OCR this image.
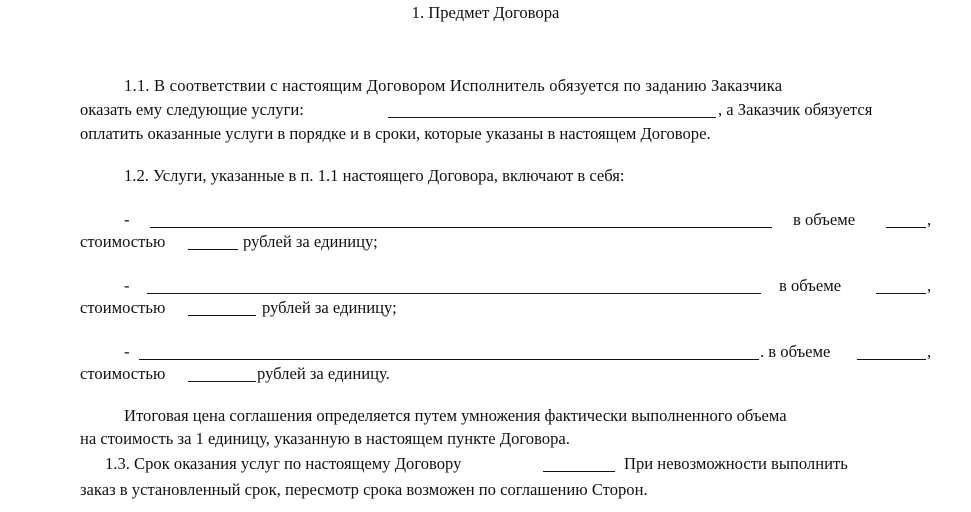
1. Предмет Договора
1.1. В соответствии с настоящим Договором Исполнитель обязуется по заданию Заказчика
оказать ему следующие услуги:	, а Заказчик обязуется
оплатить оказанные услуги в порядке и в сроки, которые указаны в настоящем Договоре.
1.2. Услуги, указанные в п. 1.1 настоящего Договора, включают в себя:
-	в объеме	,
стоимостью	рублей за единицу;
-	в объеме	,
стоимостью	рублей за единицу;
-	. в объеме	,
стоимостью	рублей за единицу.
Итоговая цена соглашения определяется путем умножения фактически выполненного объема
на стоимость за 1 единицу, указанную в настоящем пункте Договора.
1.3. Срок оказания услуг по настоящему Договору	При невозможности выполнить
заказ в установленный срок, пересмотр срока возможен по соглашению Сторон.
